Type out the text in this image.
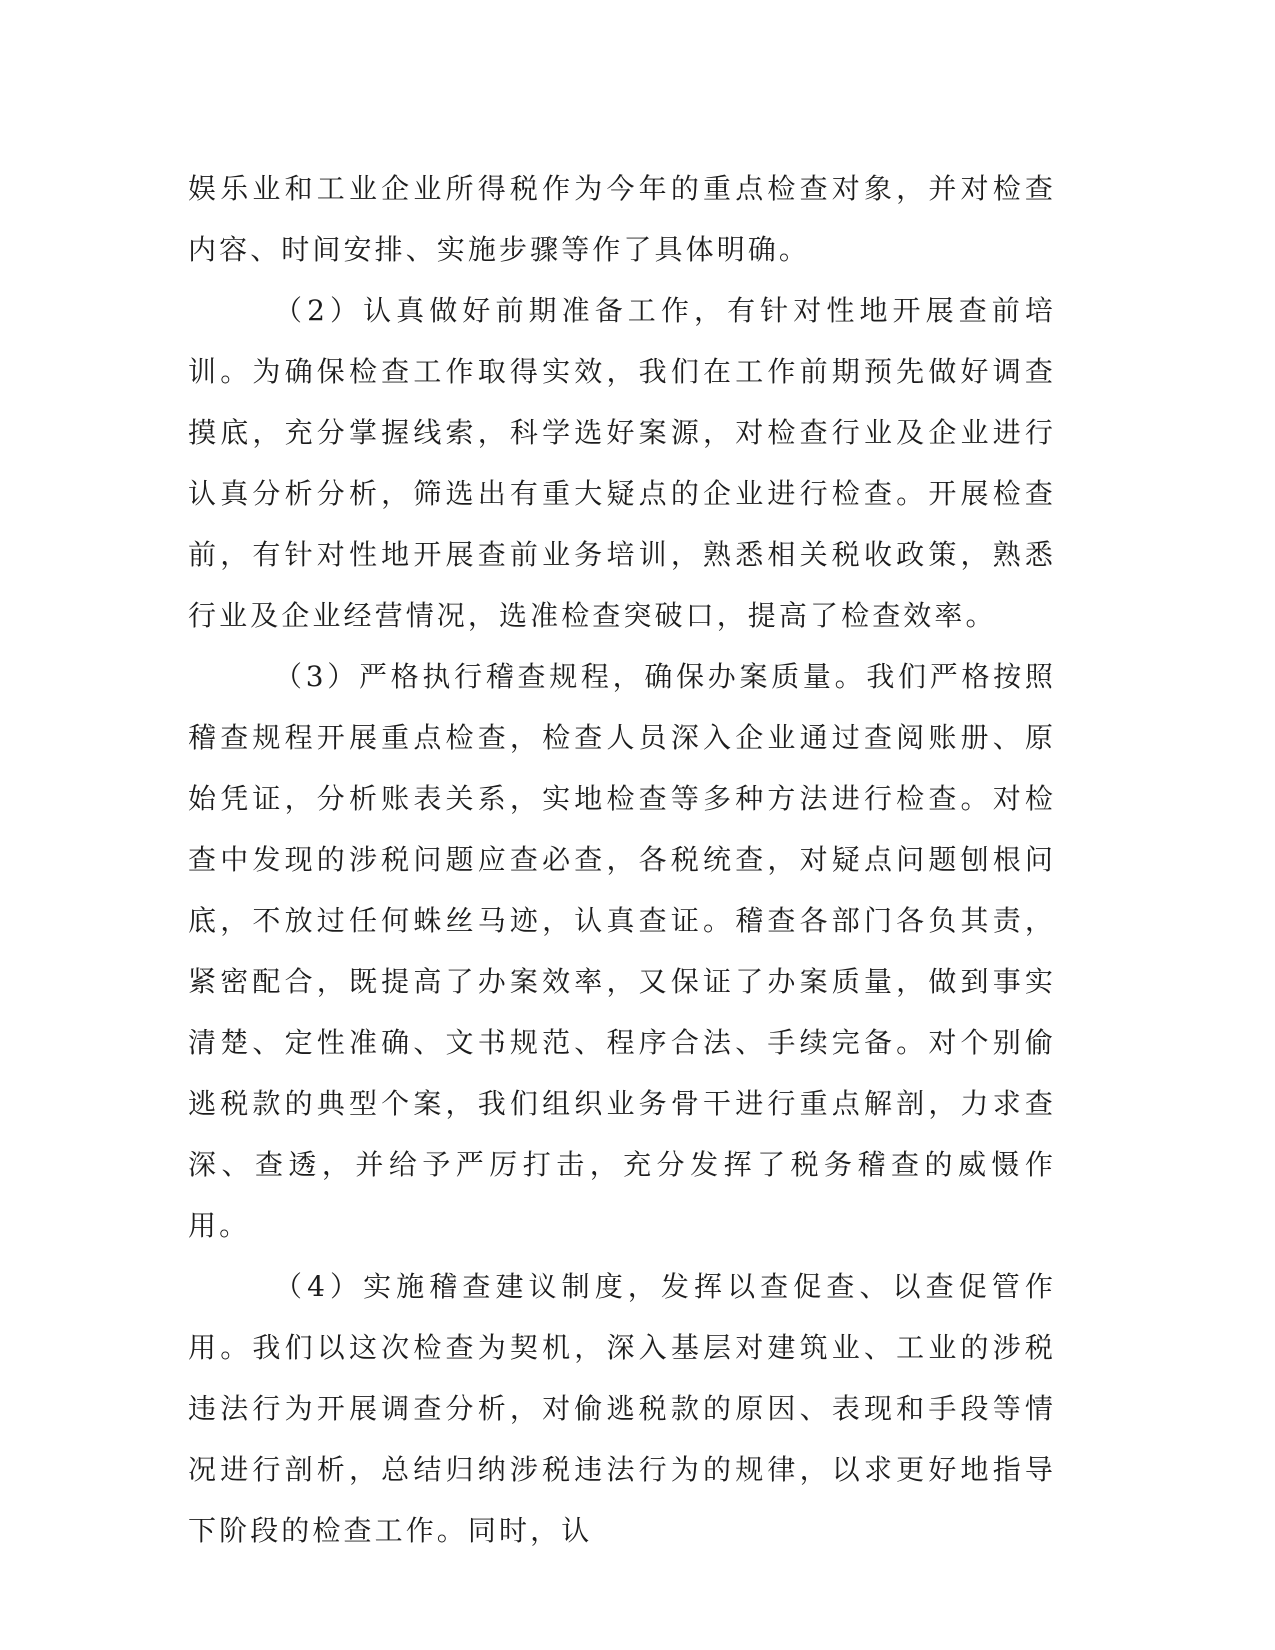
娱乐业和工业企业所得税作为今年的重点检查对象，并对检查内容、时间安排、实施步骤等作了具体明确。

（2）认真做好前期准备工作，有针对性地开展查前培训。为确保检查工作取得实效，我们在工作前期预先做好调查摸底，充分掌握线索，科学选好案源，对检查行业及企业进行认真分析分析，筛选出有重大疑点的企业进行检查。开展检查前，有针对性地开展查前业务培训，熟悉相关税收政策，熟悉行业及企业经营情况，选准检查突破口，提高了检查效率。

（3）严格执行稽查规程，确保办案质量。我们严格按照稽查规程开展重点检查，检查人员深入企业通过查阅账册、原始凭证，分析账表关系，实地检查等多种方法进行检查。对检查中发现的涉税问题应查必查，各税统查，对疑点问题刨根问底，不放过任何蛛丝马迹，认真查证。稽查各部门各负其责，紧密配合，既提高了办案效率，又保证了办案质量，做到事实清楚、定性准确、文书规范、程序合法、手续完备。对个别偷逃税款的典型个案，我们组织业务骨干进行重点解剖，力求查深、查透，并给予严厉打击，充分发挥了税务稽查的威慑作用。

（4）实施稽查建议制度，发挥以查促查、以查促管作用。我们以这次检查为契机，深入基层对建筑业、工业的涉税违法行为开展调查分析，对偷逃税款的原因、表现和手段等情况进行剖析，总结归纳涉税违法行为的规律，以求更好地指导下阶段的检查工作。同时，认
